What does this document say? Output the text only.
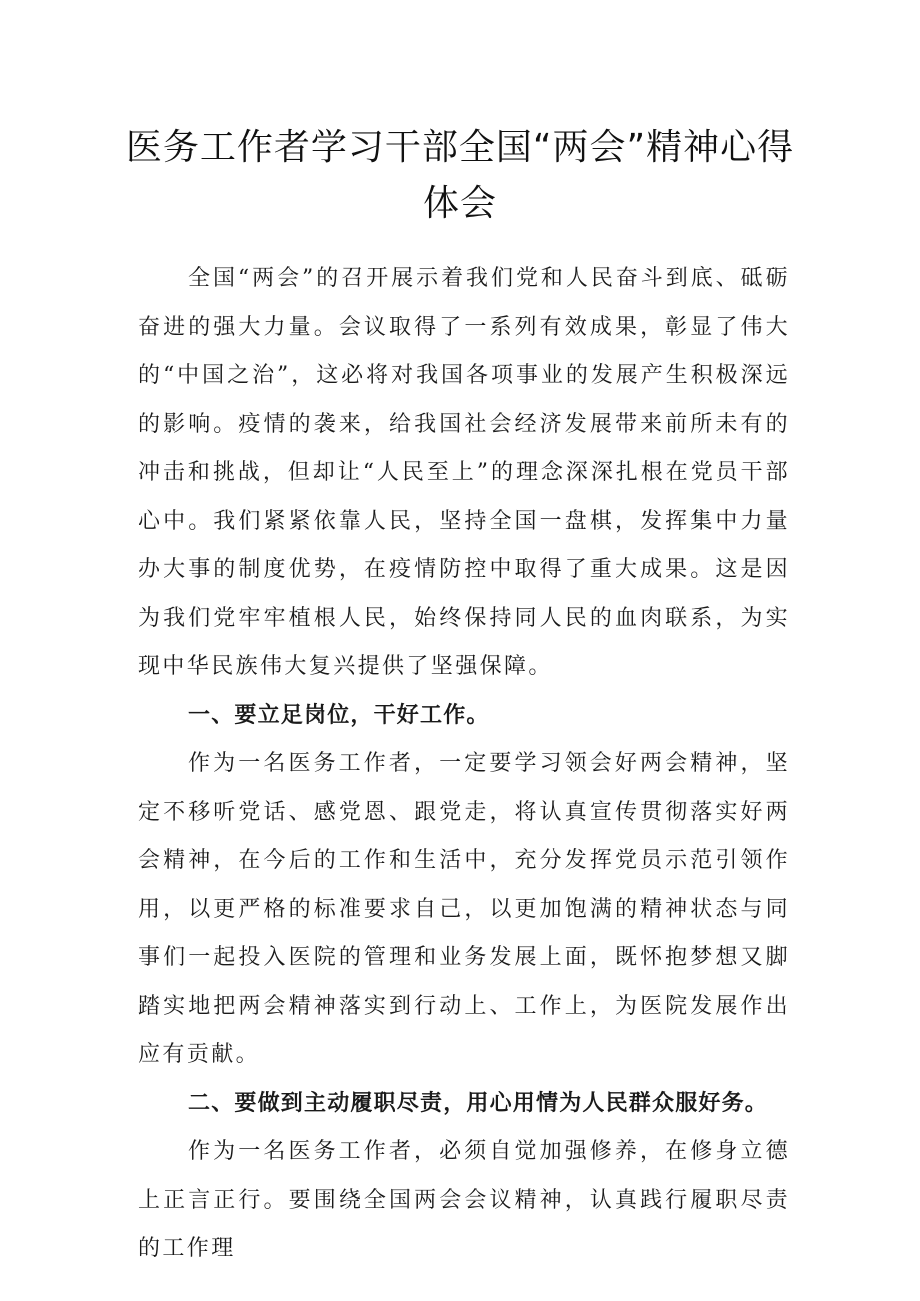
医务工作者学习干部全国“两会”精神心得体会

全国“两会”的召开展示着我们党和人民奋斗到底、砥砺奋进的强大力量。会议取得了一系列有效成果，彰显了伟大的“中国之治”，这必将对我国各项事业的发展产生积极深远的影响。疫情的袭来，给我国社会经济发展带来前所未有的冲击和挑战，但却让“人民至上”的理念深深扎根在党员干部心中。我们紧紧依靠人民，坚持全国一盘棋，发挥集中力量办大事的制度优势，在疫情防控中取得了重大成果。这是因为我们党牢牢植根人民，始终保持同人民的血肉联系，为实现中华民族伟大复兴提供了坚强保障。

一、要立足岗位，干好工作。

作为一名医务工作者，一定要学习领会好两会精神，坚定不移听党话、感党恩、跟党走，将认真宣传贯彻落实好两会精神，在今后的工作和生活中，充分发挥党员示范引领作用，以更严格的标准要求自己，以更加饱满的精神状态与同事们一起投入医院的管理和业务发展上面，既怀抱梦想又脚踏实地把两会精神落实到行动上、工作上，为医院发展作出应有贡献。

二、要做到主动履职尽责，用心用情为人民群众服好务。

作为一名医务工作者，必须自觉加强修养，在修身立德上正言正行。要围绕全国两会会议精神，认真践行履职尽责的工作理
